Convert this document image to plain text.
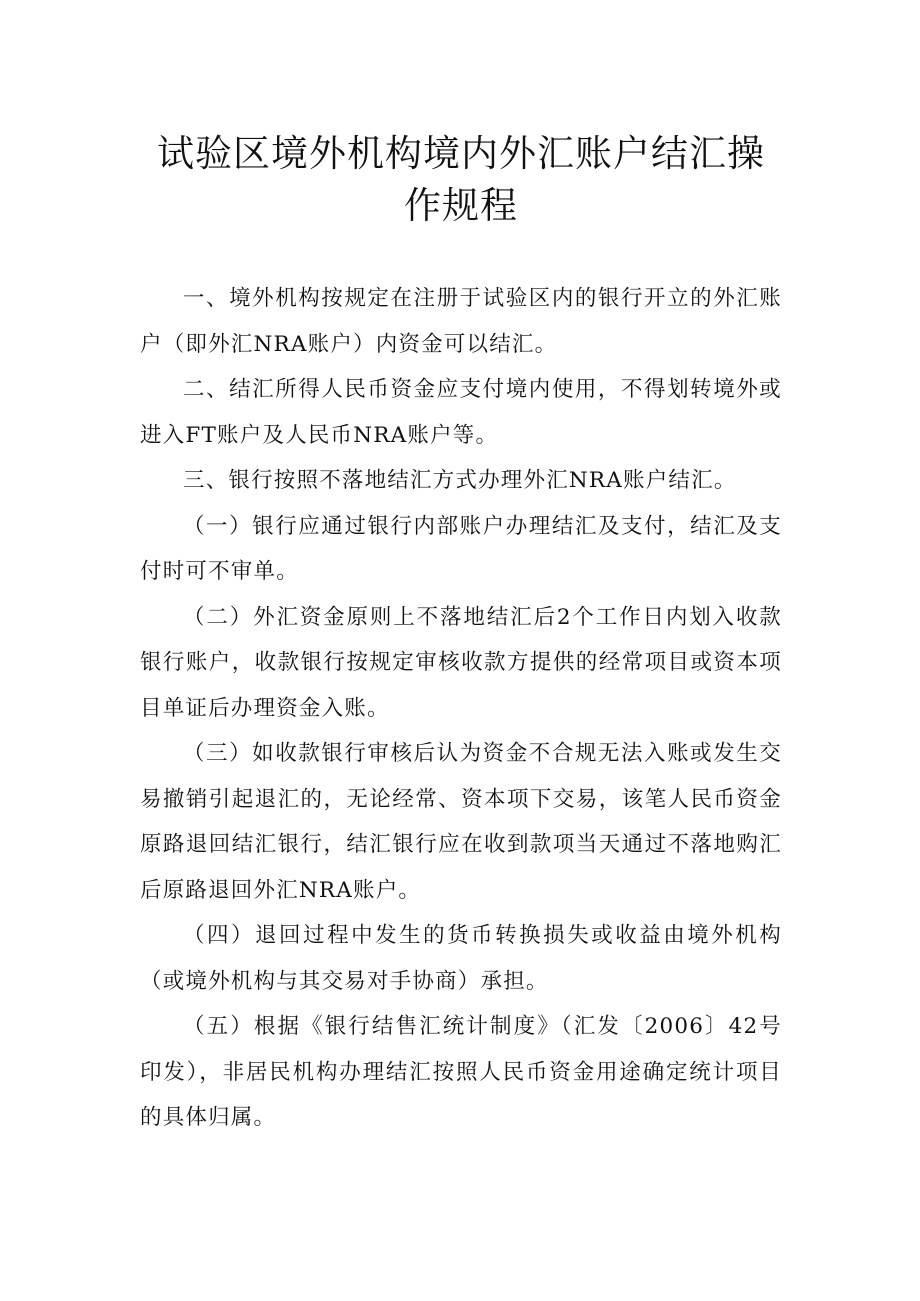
试验区境外机构境内外汇账户结汇操作规程

一、境外机构按规定在注册于试验区内的银行开立的外汇账户（即外汇NRA账户）内资金可以结汇。

二、结汇所得人民币资金应支付境内使用，不得划转境外或进入FT账户及人民币NRA账户等。

三、银行按照不落地结汇方式办理外汇NRA账户结汇。

（一）银行应通过银行内部账户办理结汇及支付，结汇及支付时可不审单。

（二）外汇资金原则上不落地结汇后2个工作日内划入收款银行账户，收款银行按规定审核收款方提供的经常项目或资本项目单证后办理资金入账。

（三）如收款银行审核后认为资金不合规无法入账或发生交易撤销引起退汇的，无论经常、资本项下交易，该笔人民币资金原路退回结汇银行，结汇银行应在收到款项当天通过不落地购汇后原路退回外汇NRA账户。

（四）退回过程中发生的货币转换损失或收益由境外机构（或境外机构与其交易对手协商）承担。

（五）根据《银行结售汇统计制度》（汇发〔2006〕42号印发），非居民机构办理结汇按照人民币资金用途确定统计项目的具体归属。
